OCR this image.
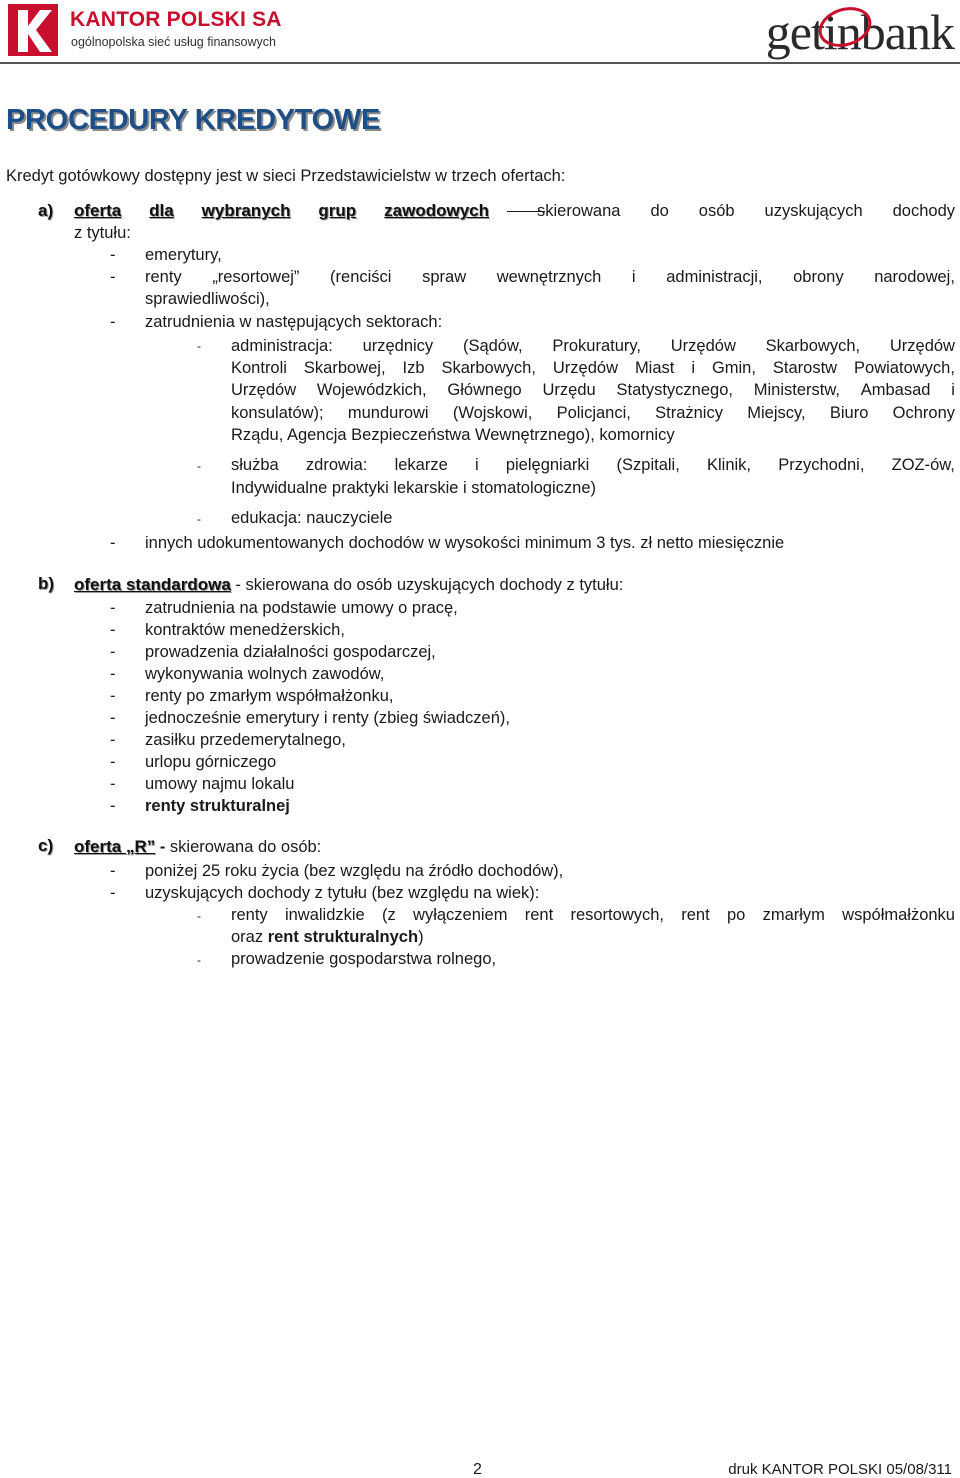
KANTOR POLSKI SA
ogólnopolska sieć usług finansowych	get
inbank
PROCEDURY KREDYTOWE
Kredyt gotówkowy dostępny jest w sieci Przedstawicielstw w trzech ofertach:
a) oferta dla wybranych grup zawodowych	skierowana do osób uzyskujących dochody
z tytułu:
- emerytury,
- renty „resortowej” (renciści spraw wewnętrznych i administracji, obrony narodowej,
sprawiedliwości),
- zatrudnienia w następujących sektorach:
- administracja: urzędnicy (Sądów, Prokuratury, Urzędów Skarbowych, Urzędów
Kontroli Skarbowej, Izb Skarbowych, Urzędów Miast i Gmin, Starostw Powiatowych,
Urzędów Wojewódzkich, Głównego Urzędu Statystycznego, Ministerstw, Ambasad i
konsulatów); mundurowi (Wojskowi, Policjanci, Strażnicy Miejscy, Biuro Ochrony
Rządu, Agencja Bezpieczeństwa Wewnętrznego), komornicy
- służba zdrowia: lekarze i pielęgniarki (Szpitali, Klinik, Przychodni, ZOZ-ów,
Indywidualne praktyki lekarskie i stomatologiczne)
- edukacja: nauczyciele
- innych udokumentowanych dochodów w wysokości minimum 3 tys. zł netto miesięcznie
b) oferta standardowa - skierowana do osób uzyskujących dochody z tytułu:
- zatrudnienia na podstawie umowy o pracę,
- kontraktów menedżerskich,
- prowadzenia działalności gospodarczej,
- wykonywania wolnych zawodów,
- renty po zmarłym współmałżonku,
- jednocześnie emerytury i renty (zbieg świadczeń),
- zasiłku przedemerytalnego,
- urlopu górniczego
- umowy najmu lokalu
- renty strukturalnej
c) oferta „R” - skierowana do osób:
- poniżej 25 roku życia (bez względu na źródło dochodów),
- uzyskujących dochody z tytułu (bez względu na wiek):
- renty inwalidzkie (z wyłączeniem rent resortowych, rent po zmarłym współmałżonku
oraz rent strukturalnych)
- prowadzenie gospodarstwa rolnego,
2	druk KANTOR POLSKI 05/08/311
